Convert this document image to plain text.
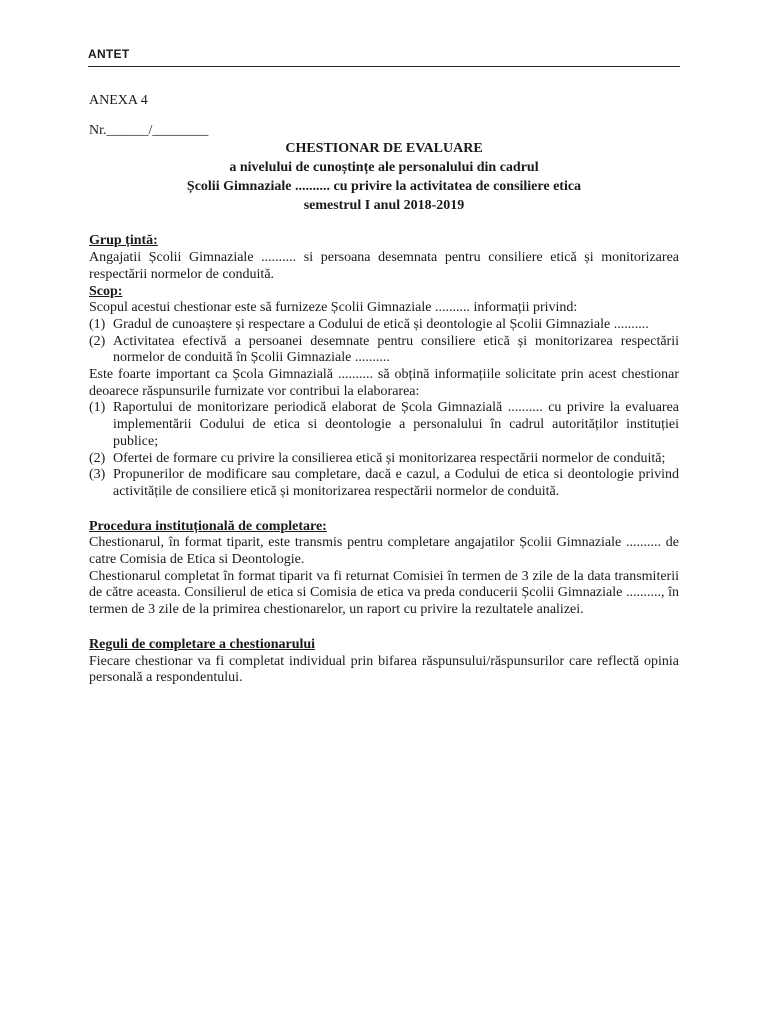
ANTET

ANEXA 4

Nr.______/________

CHESTIONAR DE EVALUARE
a nivelului de cunoștințe ale personalului din cadrul
Școlii Gimnaziale .......... cu privire la activitatea de consiliere etica
semestrul I anul 2018-2019

Grup țintă:

Angajatii Școlii Gimnaziale .......... si persoana desemnata pentru consiliere etică și monitorizarea respectării normelor de conduită.

Scop:

Scopul acestui chestionar este să furnizeze Școlii Gimnaziale .......... informații privind:

(1) Gradul de cunoaștere și respectare a Codului de etică și deontologie al Școlii Gimnaziale ..........
(2) Activitatea efectivă a persoanei desemnate pentru consiliere etică și monitorizarea respectării normelor de conduită în Școlii Gimnaziale ..........

Este foarte important ca Școla Gimnazială .......... să obțină informațiile solicitate prin acest chestionar deoarece răspunsurile furnizate vor contribui la elaborarea:

(1) Raportului de monitorizare periodică elaborat de Școla Gimnazială .......... cu privire la evaluarea implementării Codului de etica si deontologie a personalului în cadrul autorităților instituției publice;
(2) Ofertei de formare cu privire la consilierea etică și monitorizarea respectării normelor de conduită;
(3) Propunerilor de modificare sau completare, dacă e cazul, a Codului de etica si deontologie privind activitățile de consiliere etică și monitorizarea respectării normelor de conduită.

Procedura instituțională de completare:

Chestionarul, în format tiparit, este transmis pentru completare angajatilor Școlii Gimnaziale .......... de catre Comisia de Etica si Deontologie.

Chestionarul completat în format tiparit va fi returnat Comisiei în termen de 3 zile de la data transmiterii de către aceasta. Consilierul de etica si Comisia de etica va preda conducerii Școlii Gimnaziale .........., în termen de 3 zile de la primirea chestionarelor, un raport cu privire la rezultatele analizei.

Reguli de completare a chestionarului

Fiecare chestionar va fi completat individual prin bifarea răspunsului/răspunsurilor care reflectă opinia personală a respondentului.
